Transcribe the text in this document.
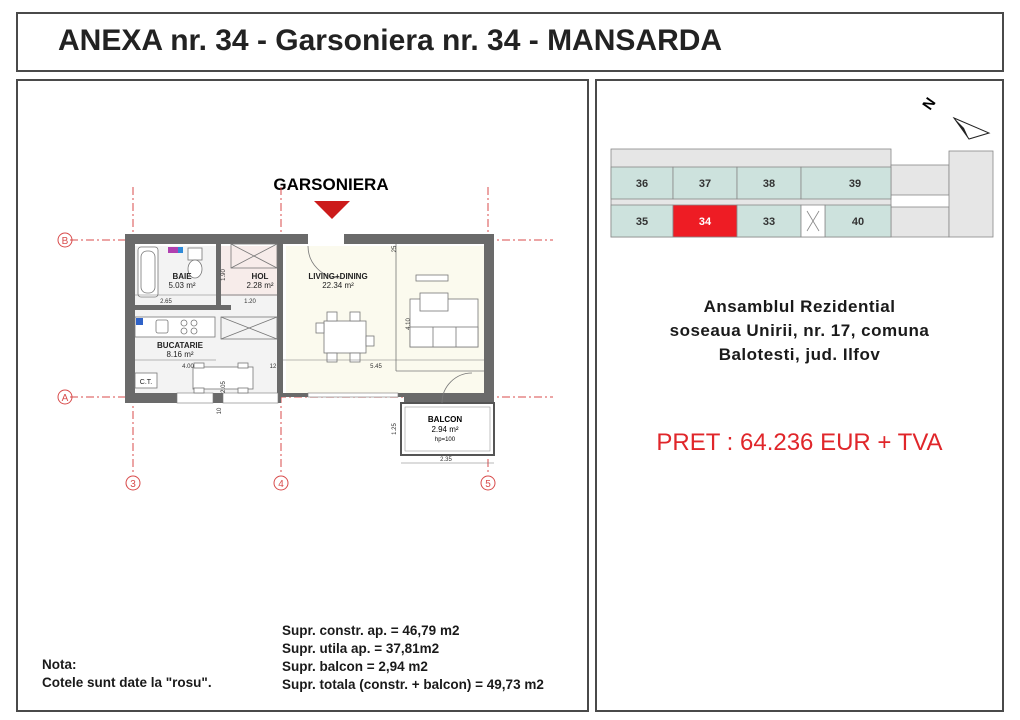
ANEXA nr. 34 - Garsoniera nr. 34 - MANSARDA
GARSONIERA
B
A
3	4	5
BAIE
5.03 m²
HOL
2.28 m²
LIVING+DINING
22.34 m²
BUCATARIE
8.16 m²
C.T.
BALCON
2.94 m²
hp=100
2.65	1.20
4.00	5.45
4.10
2.35
1.25
2.05
1.90
12
25
10
Nota:
Cotele sunt date la "rosu".
Supr. constr. ap. = 46,79 m2
Supr. utila ap. = 37,81m2
Supr. balcon = 2,94 m2
Supr. totala (constr. + balcon) = 49,73 m2
N
36	37	38	39
35	34	33	40
Ansamblul Rezidential
soseaua Unirii, nr. 17, comuna
Balotesti, jud. Ilfov
PRET : 64.236 EUR + TVA
